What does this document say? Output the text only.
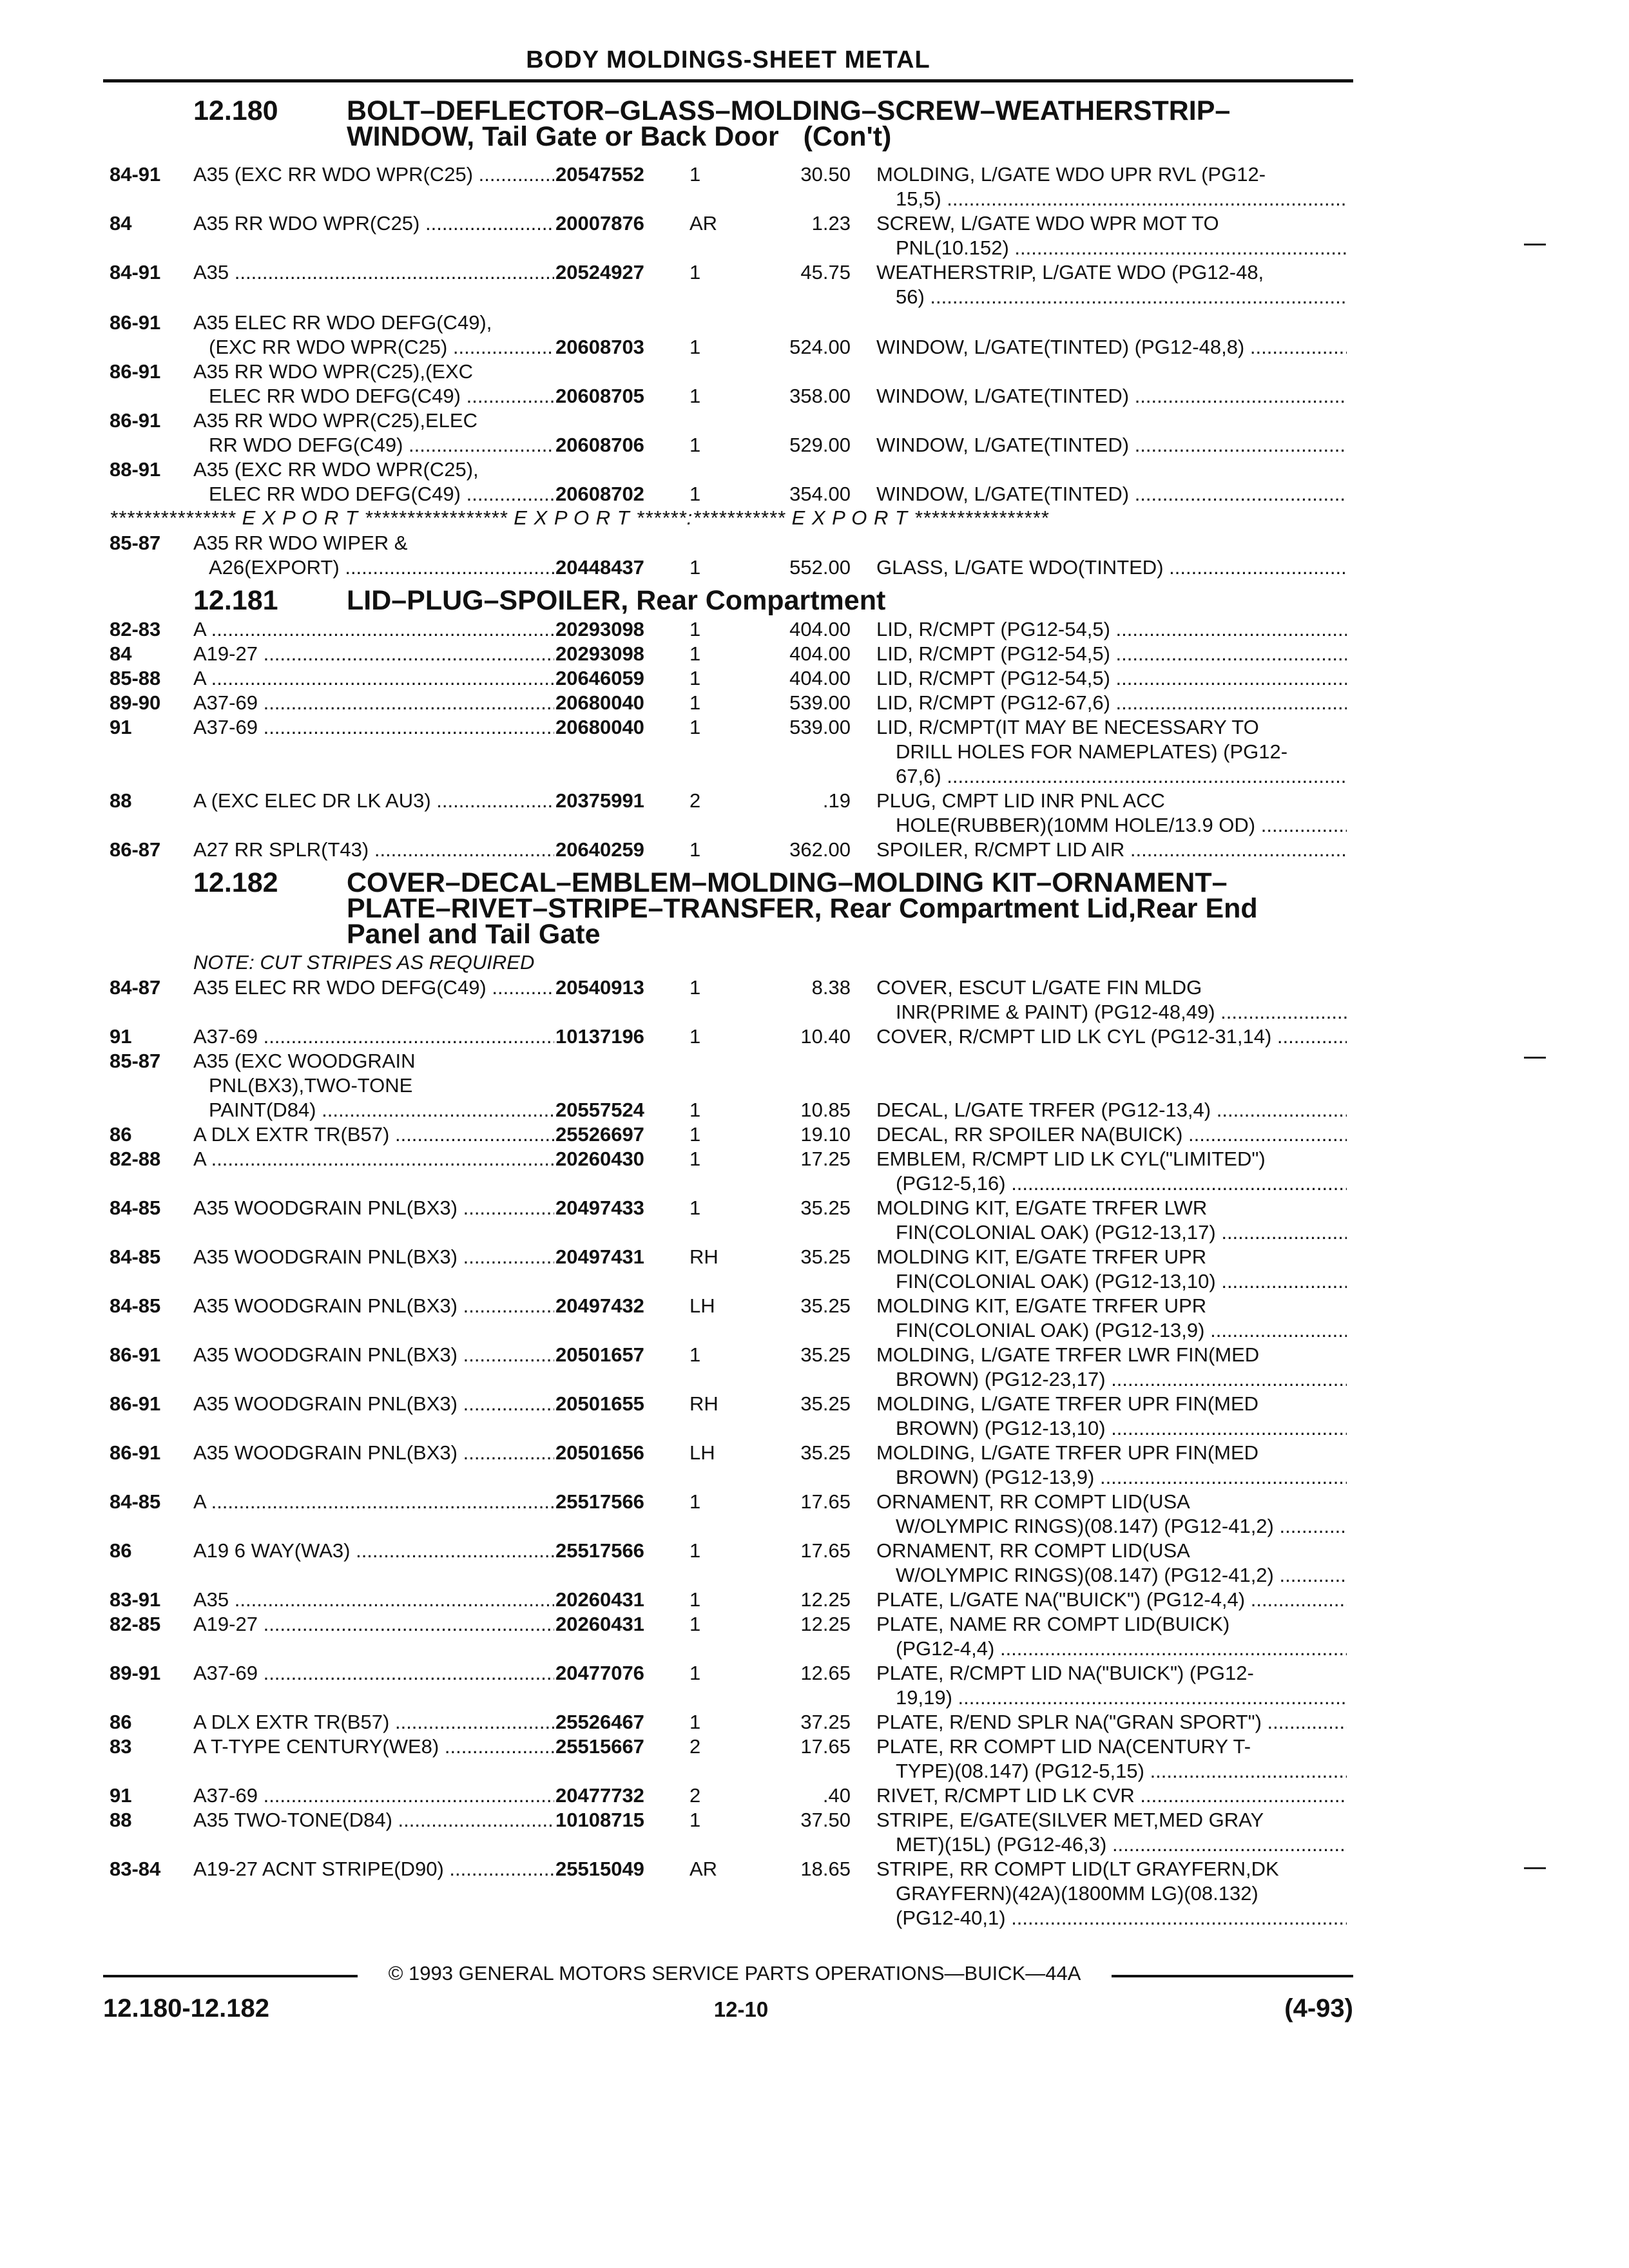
BODY MOLDINGS-SHEET METAL
12.180	BOLT–DEFLECTOR–GLASS–MOLDING–SCREW–WEATHERSTRIP–
WINDOW, Tail Gate or Back Door (Con't)
84-91 A35 (EXC RR WDO WPR(C25) .....	20547552 1	30.50 MOLDING, L/GATE WDO UPR RVL (PG12-
15,5) .....
84	A35 RR WDO WPR(C25) .....	20007876 AR	1.23 SCREW, L/GATE WDO WPR MOT TO
PNL(10.152) .....
84-91 A35 .....	20524927 1	45.75 WEATHERSTRIP, L/GATE WDO (PG12-48,
56) .....
86-91 A35 ELEC RR WDO DEFG(C49),
(EXC RR WDO WPR(C25) .....	20608703 1	524.00 WINDOW, L/GATE(TINTED) (PG12-48,8) .....
86-91 A35 RR WDO WPR(C25),(EXC
ELEC RR WDO DEFG(C49) .....	20608705 1	358.00 WINDOW, L/GATE(TINTED) .....
86-91 A35 RR WDO WPR(C25),ELEC
RR WDO DEFG(C49) .....	20608706 1	529.00 WINDOW, L/GATE(TINTED) .....
88-91 A35 (EXC RR WDO WPR(C25),
ELEC RR WDO DEFG(C49) .....	20608702 1	354.00 WINDOW, L/GATE(TINTED) .....
*************** E X P O R T ***************** E X P O R T ******:*********** E X P O R T ****************
85-87 A35 RR WDO WIPER &
A26(EXPORT) .....	20448437 1	552.00 GLASS, L/GATE WDO(TINTED) .....
12.181	LID–PLUG–SPOILER, Rear Compartment
82-83 A .....	20293098 1	404.00 LID, R/CMPT (PG12-54,5) .....
84	A19-27 .....	20293098 1	404.00 LID, R/CMPT (PG12-54,5) .....
85-88 A .....	20646059 1	404.00 LID, R/CMPT (PG12-54,5) .....
89-90 A37-69 .....	20680040 1	539.00 LID, R/CMPT (PG12-67,6) .....
91	A37-69 .....	20680040 1	539.00 LID, R/CMPT(IT MAY BE NECESSARY TO
DRILL HOLES FOR NAMEPLATES) (PG12-
67,6) .....
88	A (EXC ELEC DR LK AU3) .....	20375991 2	.19 PLUG, CMPT LID INR PNL ACC
HOLE(RUBBER)(10MM HOLE/13.9 OD) .....
86-87 A27 RR SPLR(T43) .....	20640259 1	362.00 SPOILER, R/CMPT LID AIR .....
12.182	COVER–DECAL–EMBLEM–MOLDING–MOLDING KIT–ORNAMENT–
PLATE–RIVET–STRIPE–TRANSFER, Rear Compartment Lid,Rear End
Panel and Tail Gate
NOTE: CUT STRIPES AS REQUIRED
84-87 A35 ELEC RR WDO DEFG(C49) .....	20540913 1	8.38 COVER, ESCUT L/GATE FIN MLDG
INR(PRIME & PAINT) (PG12-48,49) .....
91	A37-69 .....	10137196 1	10.40 COVER, R/CMPT LID LK CYL (PG12-31,14) .....
85-87 A35 (EXC WOODGRAIN
PNL(BX3),TWO-TONE
PAINT(D84) .....	20557524 1	10.85 DECAL, L/GATE TRFER (PG12-13,4) .....
86	A DLX EXTR TR(B57) .....	25526697 1	19.10 DECAL, RR SPOILER NA(BUICK) .....
82-88 A .....	20260430 1	17.25 EMBLEM, R/CMPT LID LK CYL("LIMITED")
(PG12-5,16) .....
84-85 A35 WOODGRAIN PNL(BX3) .....	20497433 1	35.25 MOLDING KIT, E/GATE TRFER LWR
FIN(COLONIAL OAK) (PG12-13,17) .....
84-85 A35 WOODGRAIN PNL(BX3) .....	20497431 RH	35.25 MOLDING KIT, E/GATE TRFER UPR
FIN(COLONIAL OAK) (PG12-13,10) .....
84-85 A35 WOODGRAIN PNL(BX3) .....	20497432 LH	35.25 MOLDING KIT, E/GATE TRFER UPR
FIN(COLONIAL OAK) (PG12-13,9) .....
86-91 A35 WOODGRAIN PNL(BX3) .....	20501657 1	35.25 MOLDING, L/GATE TRFER LWR FIN(MED
BROWN) (PG12-23,17) .....
86-91 A35 WOODGRAIN PNL(BX3) .....	20501655 RH	35.25 MOLDING, L/GATE TRFER UPR FIN(MED
BROWN) (PG12-13,10) .....
86-91 A35 WOODGRAIN PNL(BX3) .....	20501656 LH	35.25 MOLDING, L/GATE TRFER UPR FIN(MED
BROWN) (PG12-13,9) .....
84-85 A .....	25517566 1	17.65 ORNAMENT, RR COMPT LID(USA
W/OLYMPIC RINGS)(08.147) (PG12-41,2) .....
86	A19 6 WAY(WA3) .....	25517566 1	17.65 ORNAMENT, RR COMPT LID(USA
W/OLYMPIC RINGS)(08.147) (PG12-41,2) .....
83-91 A35 .....	20260431 1	12.25 PLATE, L/GATE NA("BUICK") (PG12-4,4) .....
82-85 A19-27 .....	20260431 1	12.25 PLATE, NAME RR COMPT LID(BUICK)
(PG12-4,4) .....
89-91 A37-69 .....	20477076 1	12.65 PLATE, R/CMPT LID NA("BUICK") (PG12-
19,19) .....
86	A DLX EXTR TR(B57) .....	25526467 1	37.25 PLATE, R/END SPLR NA("GRAN SPORT") .....
83	A T-TYPE CENTURY(WE8) .....	25515667 2	17.65 PLATE, RR COMPT LID NA(CENTURY T-
TYPE)(08.147) (PG12-5,15) .....
91	A37-69 .....	20477732 2	.40 RIVET, R/CMPT LID LK CVR .....
88	A35 TWO-TONE(D84) .....	10108715 1	37.50 STRIPE, E/GATE(SILVER MET,MED GRAY
MET)(15L) (PG12-46,3) .....
83-84 A19-27 ACNT STRIPE(D90) .....	25515049 AR	18.65 STRIPE, RR COMPT LID(LT GRAYFERN,DK
GRAYFERN)(42A)(1800MM LG)(08.132)
(PG12-40,1) .....
© 1993 GENERAL MOTORS SERVICE PARTS OPERATIONS—BUICK—44A
12.180-12.182	12-10	(4-93)
